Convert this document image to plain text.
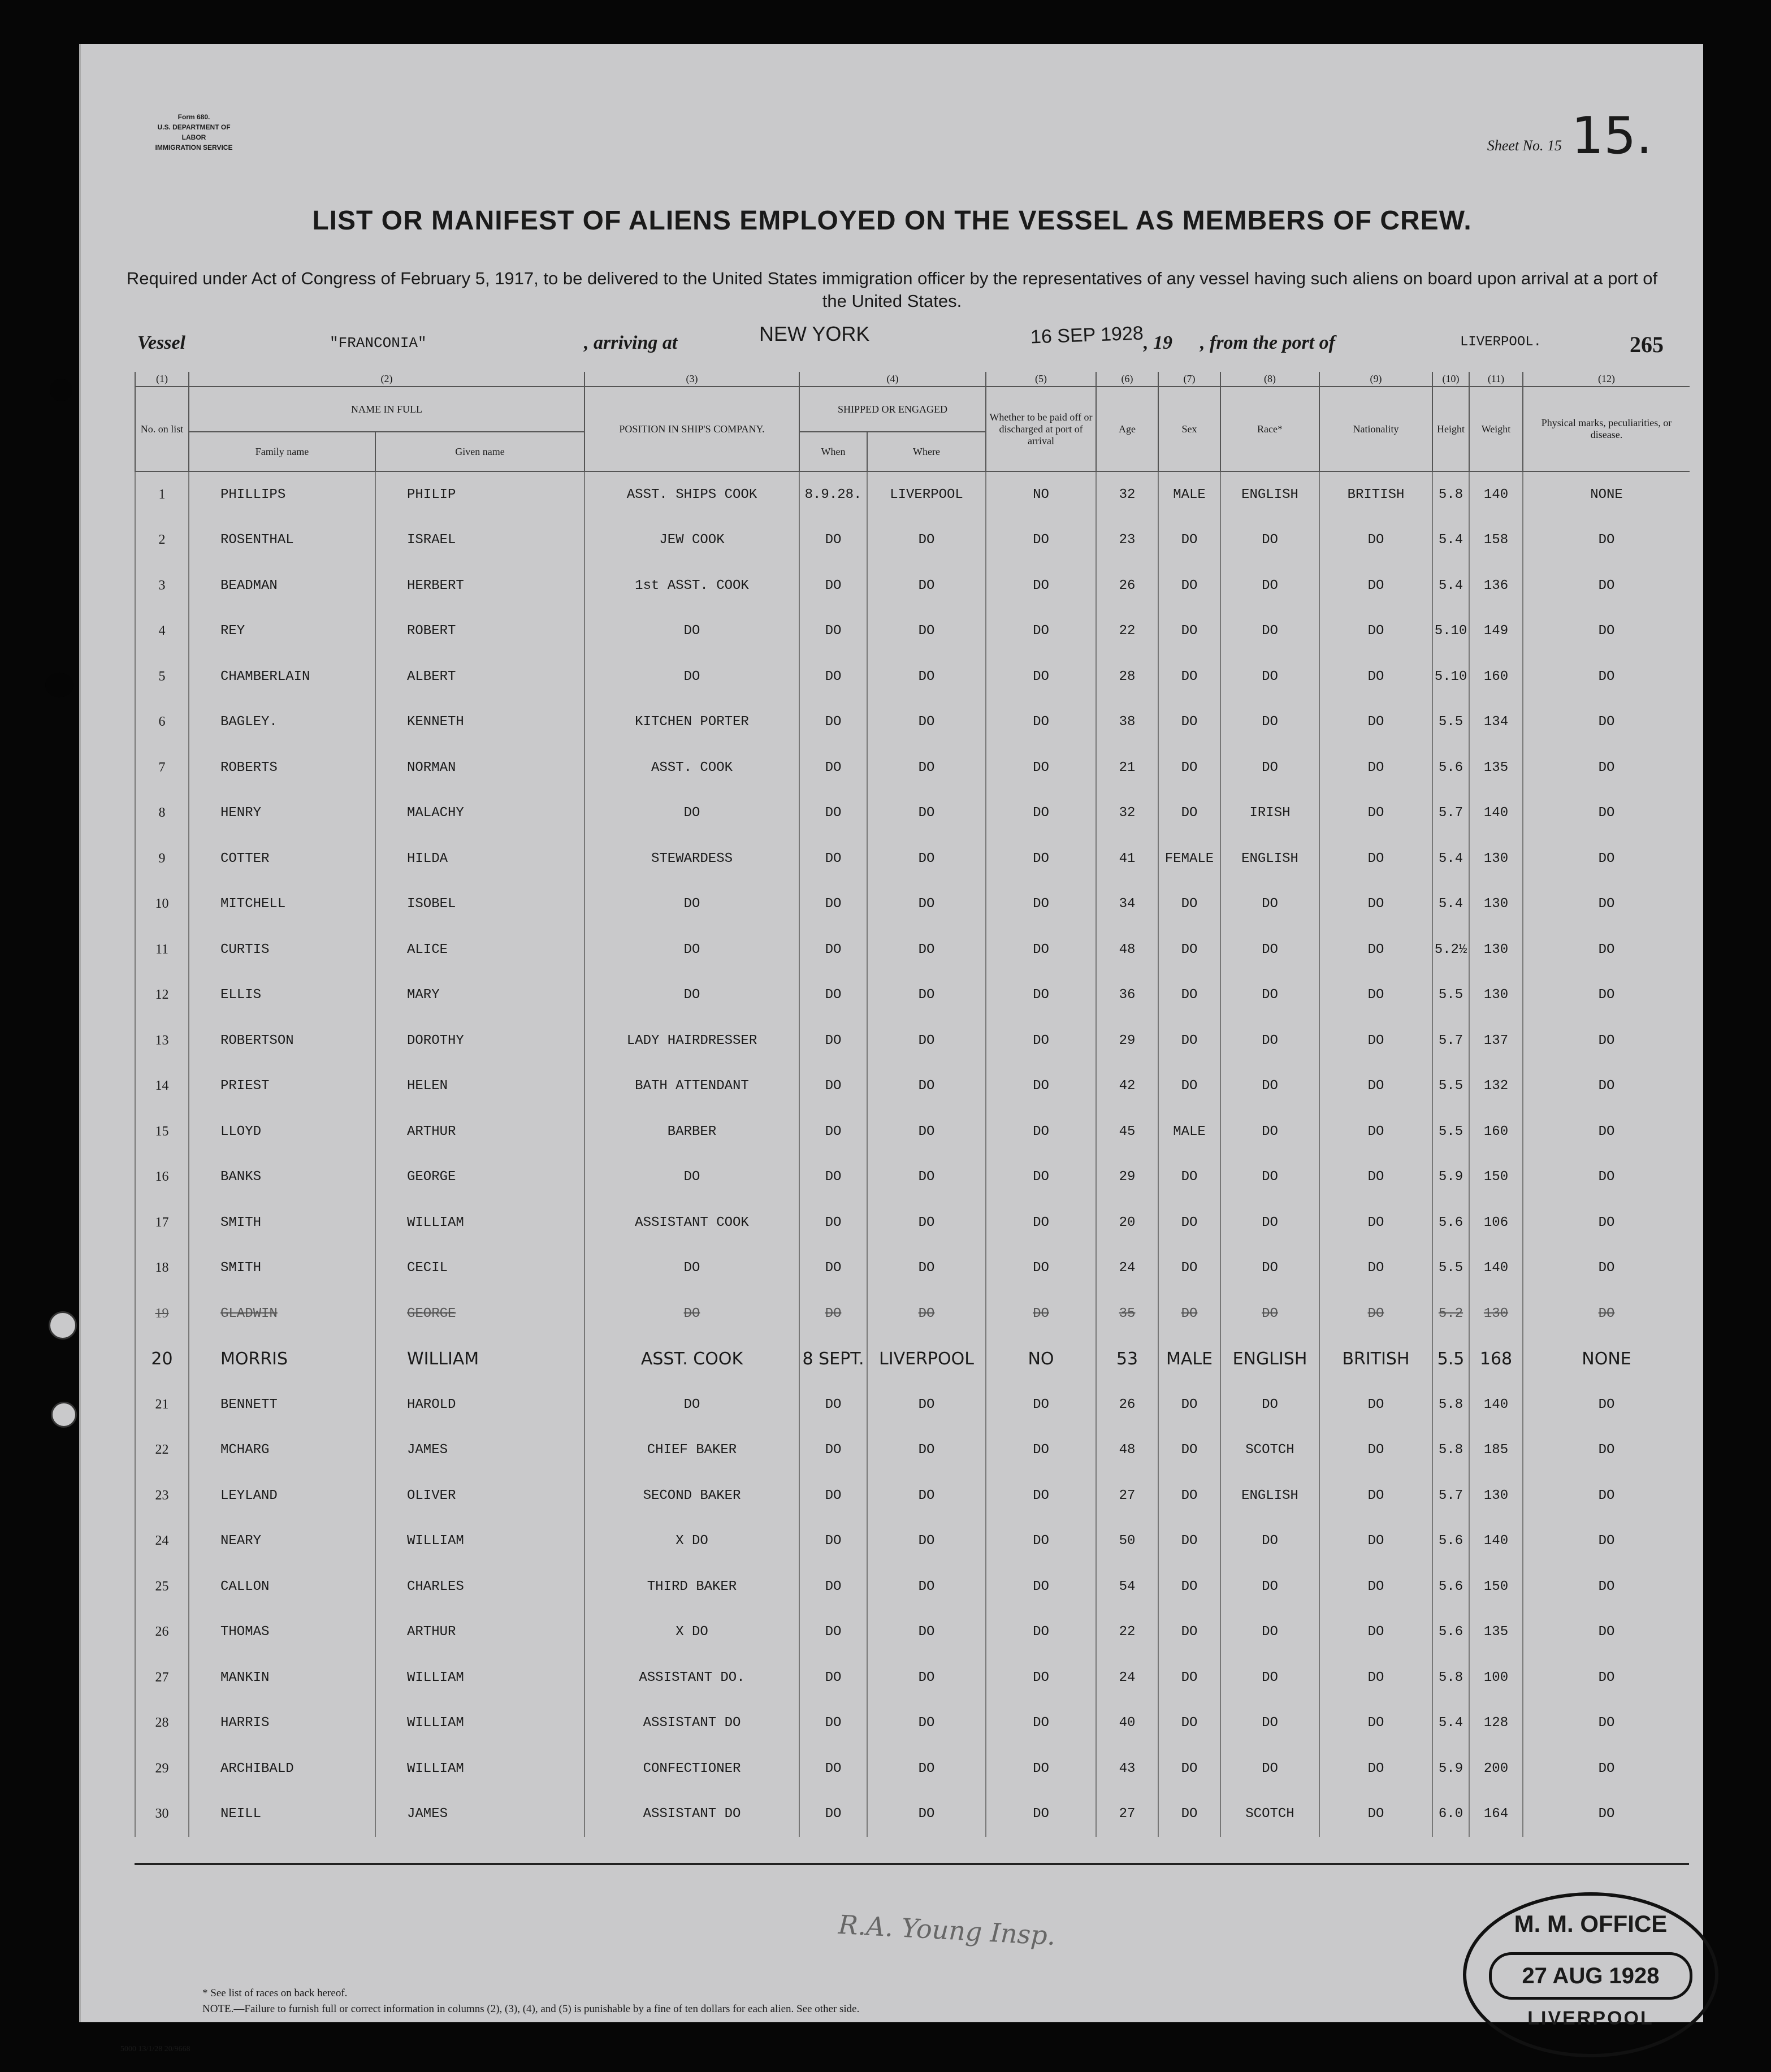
Form 680.
U.S. DEPARTMENT OF LABOR
IMMIGRATION SERVICE	Sheet No. 15 15.
LIST OR MANIFEST OF ALIENS EMPLOYED ON THE VESSEL AS MEMBERS OF CREW.
Required under Act of Congress of February 5, 1917, to be delivered to the United States immigration officer by the representatives of any vessel having such aliens on board upon arrival at a port of the United States.
Vessel	"FRANCONIA"	, arriving at	NEW YORK	16 SEP 1928 , 19 , from the port of	LIVERPOOL.	265
(1)	(2)		(3)	(4)		(5)	(6)	(7)	(8)	(9)	(10)	(11)	(12)
No. on list	NAME IN FULL		POSITION IN SHIP'S COMPANY.	SHIPPED OR ENGAGED		Whether to be paid off or discharged at port of arrival	Age	Sex	Race*	Nationality	Height	Weight	Physical marks, peculiarities, or disease.
	Family name	Given name		When	Where								
1	PHILLIPS	PHILIP	ASST. SHIPS COOK	8.9.28.	LIVERPOOL	NO	32	MALE	ENGLISH	BRITISH	5.8	140	NONE
2	ROSENTHAL	ISRAEL	JEW COOK	DO	DO	DO	23	DO	DO	DO	5.4	158	DO
3	BEADMAN	HERBERT	1st ASST. COOK	DO	DO	DO	26	DO	DO	DO	5.4	136	DO
4	REY	ROBERT	DO	DO	DO	DO	22	DO	DO	DO	5.10	149	DO
5	CHAMBERLAIN	ALBERT	DO	DO	DO	DO	28	DO	DO	DO	5.10	160	DO
6	BAGLEY.	KENNETH	KITCHEN PORTER	DO	DO	DO	38	DO	DO	DO	5.5	134	DO
7	ROBERTS	NORMAN	ASST. COOK	DO	DO	DO	21	DO	DO	DO	5.6	135	DO
8	HENRY	MALACHY	DO	DO	DO	DO	32	DO	IRISH	DO	5.7	140	DO
9	COTTER	HILDA	STEWARDESS	DO	DO	DO	41	FEMALE	ENGLISH	DO	5.4	130	DO
10	MITCHELL	ISOBEL	DO	DO	DO	DO	34	DO	DO	DO	5.4	130	DO
11	CURTIS	ALICE	DO	DO	DO	DO	48	DO	DO	DO	5.2½	130	DO
12	ELLIS	MARY	DO	DO	DO	DO	36	DO	DO	DO	5.5	130	DO
13	ROBERTSON	DOROTHY	LADY HAIRDRESSER	DO	DO	DO	29	DO	DO	DO	5.7	137	DO
14	PRIEST	HELEN	BATH ATTENDANT	DO	DO	DO	42	DO	DO	DO	5.5	132	DO
15	LLOYD	ARTHUR	BARBER	DO	DO	DO	45	MALE	DO	DO	5.5	160	DO
16	BANKS	GEORGE	DO	DO	DO	DO	29	DO	DO	DO	5.9	150	DO
17	SMITH	WILLIAM	ASSISTANT COOK	DO	DO	DO	20	DO	DO	DO	5.6	106	DO
18	SMITH	CECIL	DO	DO	DO	DO	24	DO	DO	DO	5.5	140	DO
19	GLADWIN	GEORGE	DO	DO	DO	DO	35	DO	DO	DO	5.2	130	DO
20	MORRIS	WILLIAM	ASST. COOK	8 SEPT.	LIVERPOOL	NO	53	MALE	ENGLISH	BRITISH	5.5	168	NONE
21	BENNETT	HAROLD	DO	DO	DO	DO	26	DO	DO	DO	5.8	140	DO
22	MCHARG	JAMES	CHIEF BAKER	DO	DO	DO	48	DO	SCOTCH	DO	5.8	185	DO
23	LEYLAND	OLIVER	SECOND BAKER	DO	DO	DO	27	DO	ENGLISH	DO	5.7	130	DO
24	NEARY	WILLIAM	X DO	DO	DO	DO	50	DO	DO	DO	5.6	140	DO
25	CALLON	CHARLES	THIRD BAKER	DO	DO	DO	54	DO	DO	DO	5.6	150	DO
26	THOMAS	ARTHUR	X DO	DO	DO	DO	22	DO	DO	DO	5.6	135	DO
27	MANKIN	WILLIAM	ASSISTANT DO.	DO	DO	DO	24	DO	DO	DO	5.8	100	DO
28	HARRIS	WILLIAM	ASSISTANT DO	DO	DO	DO	40	DO	DO	DO	5.4	128	DO
29	ARCHIBALD	WILLIAM	CONFECTIONER	DO	DO	DO	43	DO	DO	DO	5.9	200	DO
30	NEILL	JAMES	ASSISTANT DO	DO	DO	DO	27	DO	SCOTCH	DO	6.0	164	DO
R.A. Young Insp.
* See list of races on back hereof.
NOTE.—Failure to furnish full or correct information in columns (2), (3), (4), and (5) is punishable by a fine of ten dollars for each alien. See other side.
5000 13/1/28 20/9668
M. M. OFFICE
27 AUG 1928
LIVERPOOL
